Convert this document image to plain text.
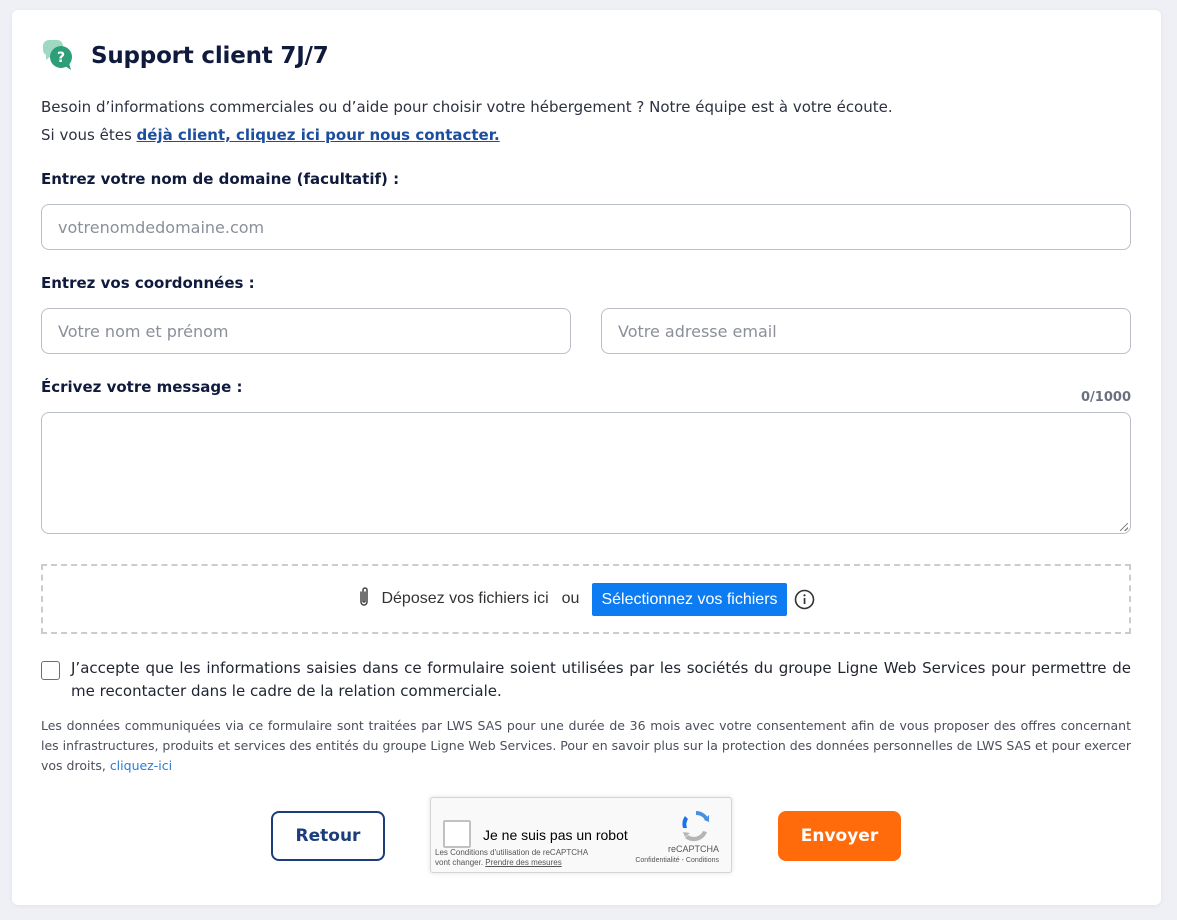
? Support client 7J/7
Besoin d’informations commerciales ou d’aide pour choisir votre hébergement ? Notre équipe est à votre écoute.
Si vous êtes déjà client, cliquez ici pour nous contacter.
Entrez votre nom de domaine (facultatif) :
votrenomdedomaine.com
Entrez vos coordonnées :
Votre nom et prénom	Votre adresse email
Écrivez votre message :
0/1000
Déposez vos fichiers ici ou	Sélectionnez vos fichiers
J’accepte que les informations saisies dans ce formulaire soient utilisées par les sociétés du groupe Ligne Web Services pour permettre de me recontacter dans le cadre de la relation commerciale.
Les données communiquées via ce formulaire sont traitées par LWS SAS pour une durée de 36 mois avec votre consentement afin de vous proposer des offres concernant les infrastructures, produits et services des entités du groupe Ligne Web Services. Pour en savoir plus sur la protection des données personnelles de LWS SAS et pour exercer vos droits, cliquez-ici
Retour	Je ne suis pas un robot
Les Conditions d'utilisation de reCAPTCHA
vont changer. Prendre des mesures
reCAPTCHA
Confidentialité - Conditions
Envoyer
